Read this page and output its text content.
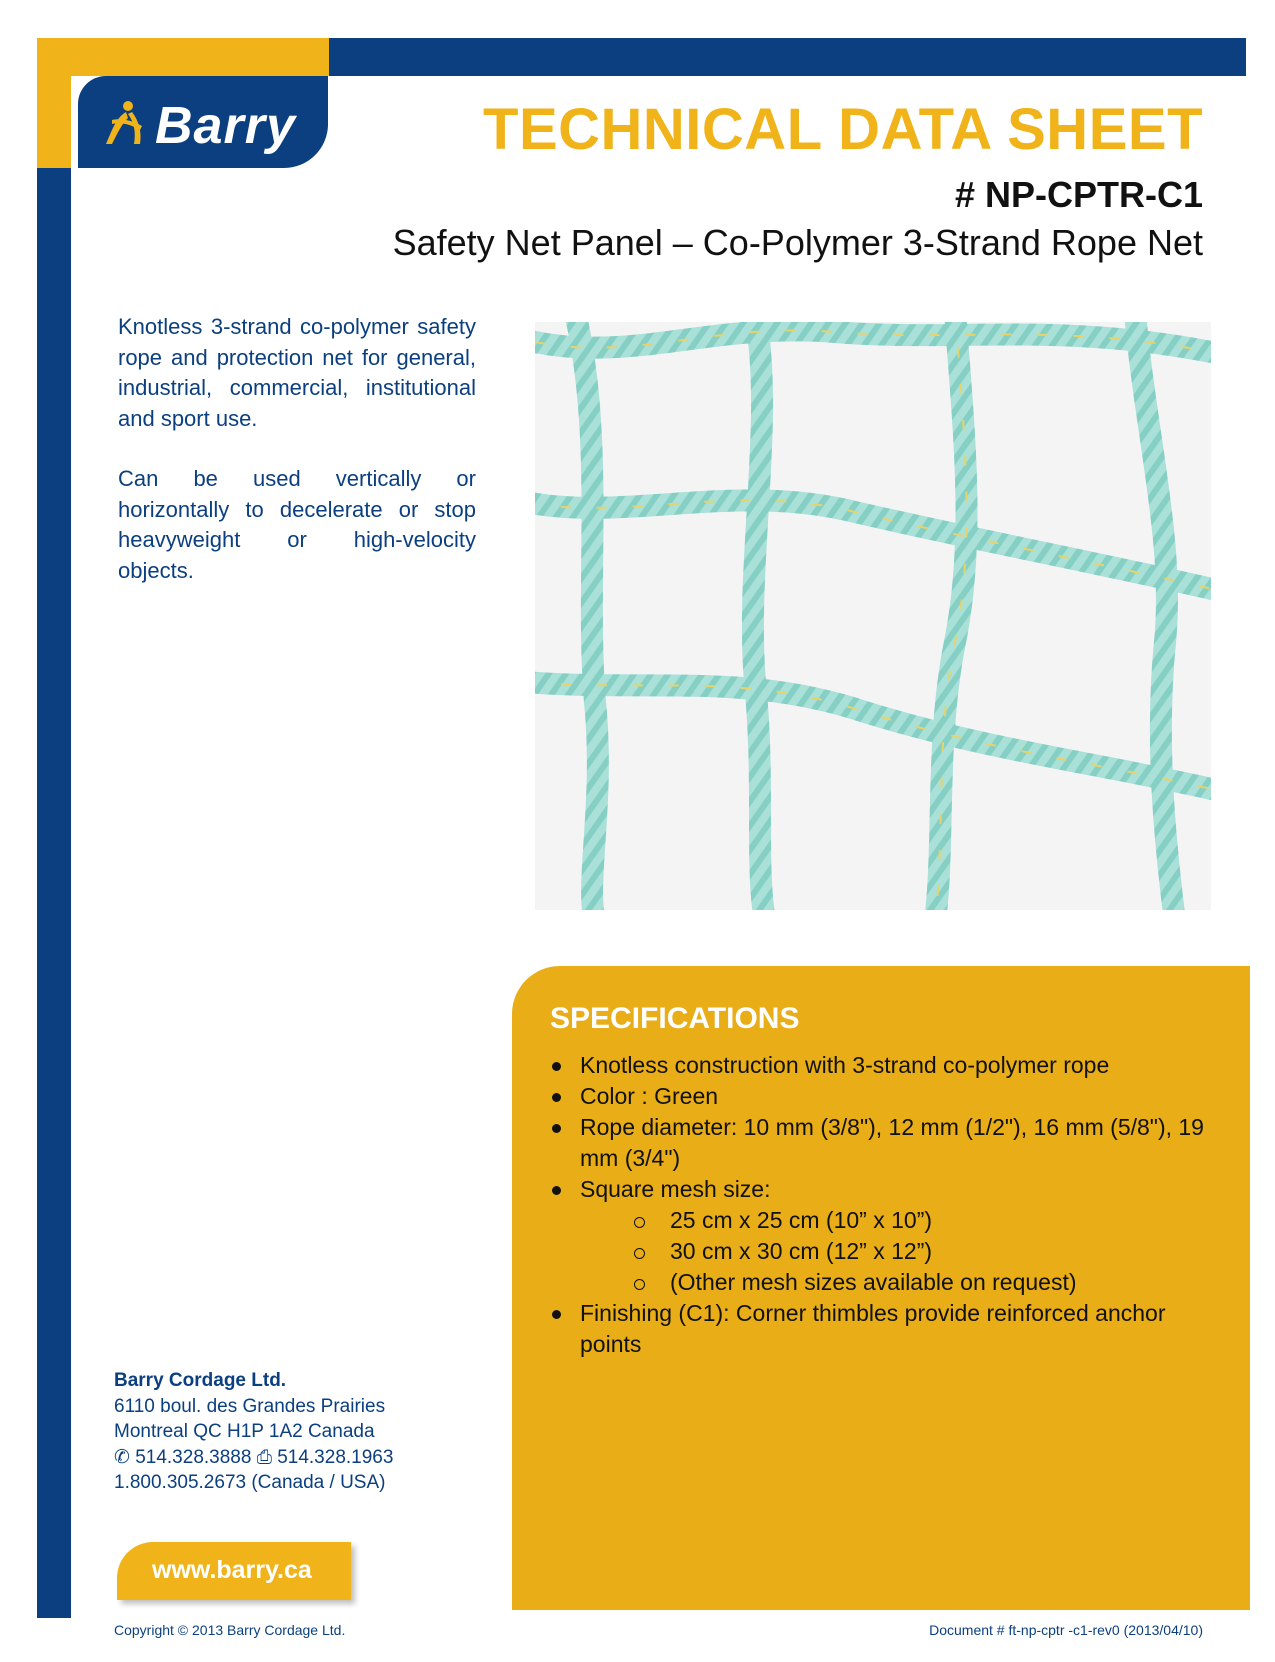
Barry	TECHNICAL DATA SHEET
# NP-CPTR-C1
Safety Net Panel – Co-Polymer 3-Strand Rope Net

Knotless 3-strand co-polymer safety rope and protection net for general, industrial, commercial, institutional and sport use.

Can be used vertically or horizontally to decelerate or stop heavyweight or high-velocity objects.

SPECIFICATIONS
Knotless construction with 3-strand co-polymer rope
Color : Green
Rope diameter: 10 mm (3/8"), 12 mm (1/2"), 16 mm (5/8"), 19 mm (3/4")
Square mesh size:
25 cm x 25 cm (10” x 10”)
30 cm x 30 cm (12” x 12”)
(Other mesh sizes available on request)
Finishing (C1): Corner thimbles provide reinforced anchor points
Barry Cordage Ltd.
6110 boul. des Grandes Prairies
Montreal QC H1P 1A2 Canada
✆ 514.328.3888 ⎙ 514.328.1963
1.800.305.2673 (Canada / USA)
www.barry.ca
Copyright © 2013 Barry Cordage Ltd.	Document # ft-np-cptr -c1-rev0 (2013/04/10)
